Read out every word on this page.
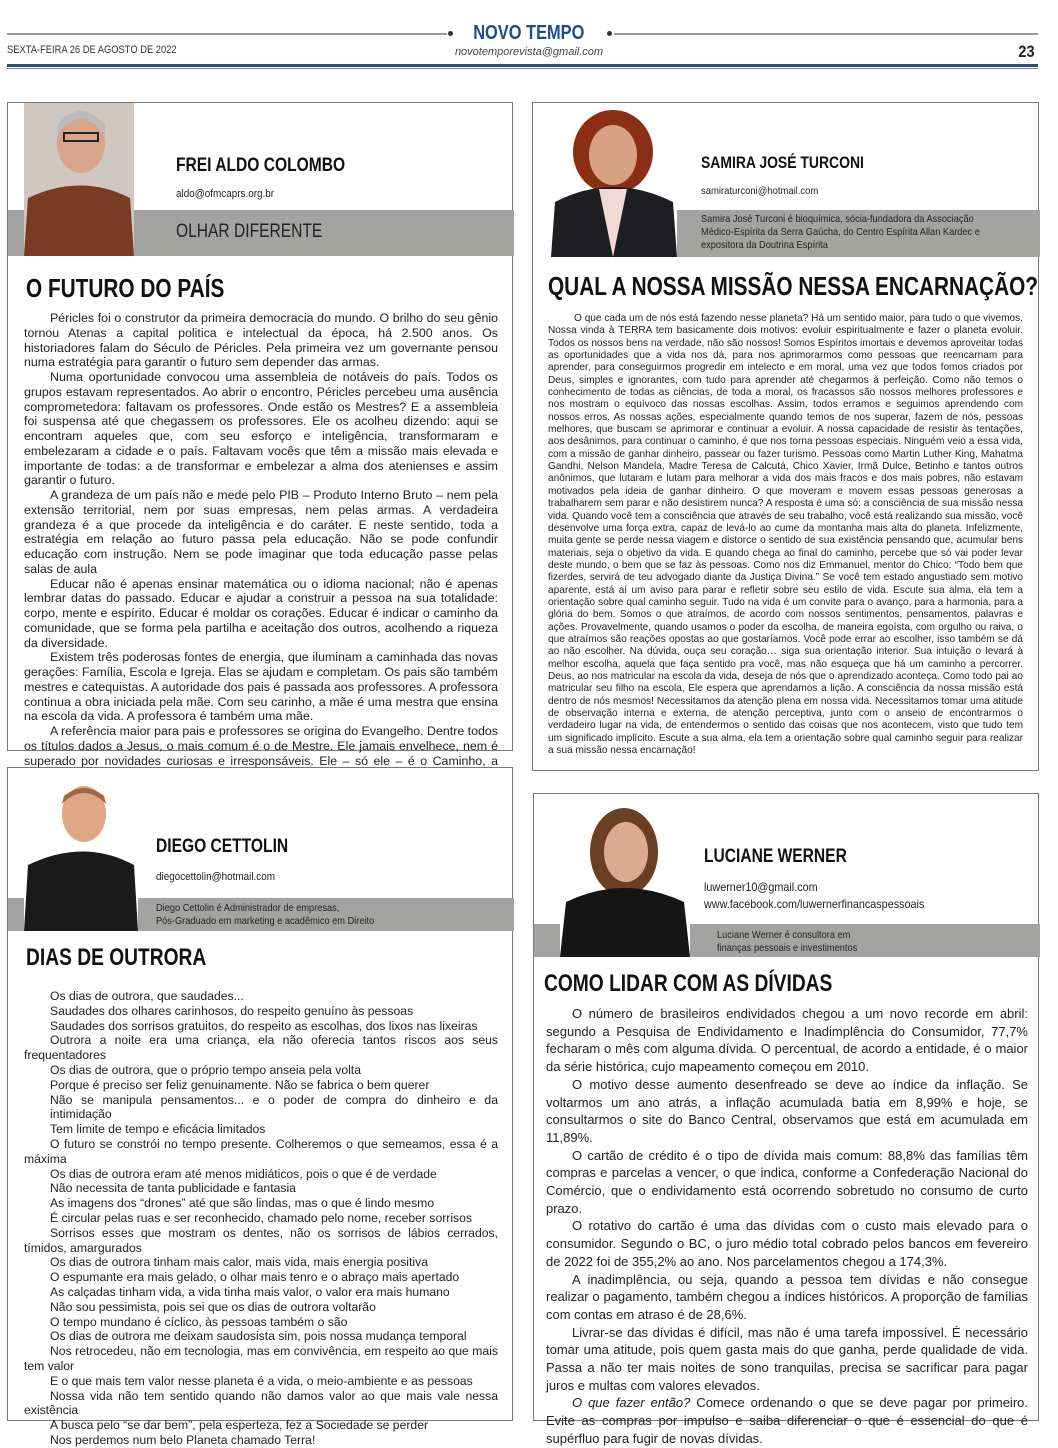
NOVO TEMPO
SEXTA-FEIRA 26 DE AGOSTO DE 2022	novotemporevista@gmail.com	23
FREI ALDO COLOMBO
aldo@ofmcaprs.org.br
OLHAR DIFERENTE
O FUTURO DO PAÍS

Péricles foi o construtor da primeira democracia do mundo. O brilho do seu gênio tornou Atenas a capital politica e intelectual da época, há 2.500 anos. Os historiadores falam do Século de Péricles. Pela primeira vez um governante pensou numa estratégia para garantir o futuro sem depender das armas.

Numa oportunidade convocou uma assembleia de notáveis do país. Todos os grupos estavam representados. Ao abrir o encontro, Péricles percebeu uma ausência comprometedora: faltavam os professores. Onde estão os Mestres? E a assembleia foi suspensa até que chegassem os professores. Ele os acolheu dizendo: aqui se encontram aqueles que, com seu esforço e inteligência, transformaram e embelezaram a cidade e o país. Faltavam vocês que têm a missão mais elevada e importante de todas: a de transformar e embelezar a alma dos atenienses e assim garantir o futuro.

A grandeza de um país não e mede pelo PIB – Produto Interno Bruto – nem pela extensão territorial, nem por suas empresas, nem pelas armas. A verdadeira grandeza é a que procede da inteligência e do caráter. E neste sentido, toda a estratégia em relação ao futuro passa pela educação. Não se pode confundir educação com instrução. Nem se pode imaginar que toda educação passe pelas salas de aula

Educar não é apenas ensinar matemática ou o idioma nacional; não é apenas lembrar datas do passado. Educar e ajudar a construir a pessoa na sua totalidade: corpo, mente e espírito. Educar é moldar os corações. Educar é indicar o caminho da comunidade, que se forma pela partilha e aceitação dos outros, acolhendo a riqueza da diversidade.

Existem três poderosas fontes de energia, que iluminam a caminhada das novas gerações: Família, Escola e Igreja. Elas se ajudam e completam. Os pais são também mestres e catequistas. A autoridade dos pais é passada aos professores. A professora continua a obra iniciada pela mãe. Com seu carinho, a mãe é uma mestra que ensina na escola da vida. A professora é também uma mãe.

A referência maior para pais e professores se origina do Evangelho. Dentre todos os títulos dados a Jesus, o mais comum é o de Mestre. Ele jamais envelhece, nem é superado por novidades curiosas e irresponsáveis. Ele – só ele – é o Caminho, a

SAMIRA JOSÉ TURCONI
samiraturconi@hotmail.com
Samira José Turconi é bioquímica, sócia-fundadora da Associação
Médico-Espírita da Serra Gaúcha, do Centro Espírita Allan Kardec e
expositora da Doutrina Espírita
QUAL A NOSSA MISSÃO NESSA ENCARNAÇÃO?

O que cada um de nós está fazendo nesse planeta? Há um sentido maior, para tudo o que vivemos. Nossa vinda à TERRA tem basicamente dois motivos: evoluir espiritualmente e fazer o planeta evoluir. Todos os nossos bens na verdade, não são nossos! Somos Espíritos imortais e devemos aproveitar todas as oportunidades que a vida nos dá, para nos aprimorarmos como pessoas que reencarnam para aprender, para conseguirmos progredir em intelecto e em moral, uma vez que todos fomos criados por Deus, simples e ignorantes, com tudo para aprender até chegarmos à perfeição. Como não temos o conhecimento de todas as ciências, de toda a moral, os fracassos são nossos melhores professores e nos mostram o equívoco das nossas escolhas. Assim, todos erramos e seguimos aprendendo com nossos erros. As nossas ações, especialmente quando temos de nos superar, fazem de nós, pessoas melhores, que buscam se aprimorar e continuar a evoluir. A nossa capacidade de resistir às tentações, aos desânimos, para continuar o caminho, é que nos torna pessoas especiais. Ninguém veio a essa vida, com a missão de ganhar dinheiro, passear ou fazer turismo. Pessoas como Martin Luther King, Mahatma Gandhi, Nelson Mandela, Madre Teresa de Calcutá, Chico Xavier, Irmã Dulce, Betinho e tantos outros anônimos, que lutaram e lutam para melhorar a vida dos mais fracos e dos mais pobres, não estavam motivados pela ideia de ganhar dinheiro. O que moveram e movem essas pessoas generosas a trabalharem sem parar e não desistirem nunca? A resposta é uma só: a consciência de sua missão nessa vida. Quando você tem a consciência que através de seu trabalho, você está realizando sua missão, você desenvolve uma força extra, capaz de levá-lo ao cume da montanha mais alta do planeta. Infelizmente, muita gente se perde nessa viagem e distorce o sentido de sua existência pensando que, acumular bens materiais, seja o objetivo da vida. E quando chega ao final do caminho, percebe que só vai poder levar deste mundo, o bem que se faz às pessoas. Como nos diz Emmanuel, mentor do Chico: “Todo bem que fizerdes, servirá de teu advogado diante da Justiça Divina.” Se você tem estado angustiado sem motivo aparente, está aí um aviso para parar e refletir sobre seu estilo de vida. Escute sua alma, ela tem a orientação sobre qual caminho seguir. Tudo na vida é um convite para o avanço, para a harmonia, para a glória do bem. Somos o que atraímos, de acordo com nossos sentimentos, pensamentos, palavras e ações. Provavelmente, quando usamos o poder da escolha, de maneira egoísta, com orgulho ou raiva, o que atraímos são reações opostas ao que gostaríamos. Você pode errar ao escolher, isso também se dá ao não escolher. Na dúvida, ouça seu coração… siga sua orientação interior. Sua intuição o levará à melhor escolha, aquela que faça sentido pra você, mas não esqueça que há um caminho a percorrer. Deus, ao nos matricular na escola da vida, deseja de nós que o aprendizado aconteça. Como todo pai ao matricular seu filho na escola, Ele espera que aprendamos a lição. A consciência da nossa missão está dentro de nós mesmos! Necessitamos da atenção plena em nossa vida. Necessitamos tomar uma atitude de observação interna e externa, de atenção perceptiva, junto com o anseio de encontrarmos o verdadeiro lugar na vida, de entendermos o sentido das coisas que nos acontecem, visto que tudo tem um significado implícito. Escute a sua alma, ela tem a orientação sobre qual caminho seguir para realizar a sua missão nessa encarnação!

DIEGO CETTOLIN
diegocettolin@hotmail.com
Diego Cettolin é Administrador de empresas,
Pós-Graduado em marketing e acadêmico em Direito
DIAS DE OUTRORA
Os dias de outrora, que saudades...
Saudades dos olhares carinhosos, do respeito genuíno às pessoas
Saudades dos sorrisos gratuitos, do respeito as escolhas, dos lixos nas lixeiras
Outrora a noite era uma criança, ela não oferecia tantos riscos aos seus frequentadores
Os dias de outrora, que o próprio tempo anseia pela volta
Porque é preciso ser feliz genuinamente. Não se fabrica o bem querer
Não se manipula pensamentos... e o poder de compra do dinheiro e da intimidação
Tem limite de tempo e eficácia limitados
O futuro se constrói no tempo presente. Colheremos o que semeamos, essa é a máxima
Os dias de outrora eram até menos midiáticos, pois o que é de verdade
Não necessita de tanta publicidade e fantasia
As imagens dos “drones” até que são lindas, mas o que é lindo mesmo
É circular pelas ruas e ser reconhecido, chamado pelo nome, receber sorrisos
Sorrisos esses que mostram os dentes, não os sorrisos de lábios cerrados, tímidos, amargurados
Os dias de outrora tinham mais calor, mais vida, mais energia positiva
O espumante era mais gelado, o olhar mais tenro e o abraço mais apertado
As calçadas tinham vida, a vida tinha mais valor, o valor era mais humano
Não sou pessimista, pois sei que os dias de outrora voltarão
O tempo mundano é cíclico, às pessoas também o são
Os dias de outrora me deixam saudosista sim, pois nossa mudança temporal
Nos retrocedeu, não em tecnologia, mas em convivência, em respeito ao que mais tem valor
E o que mais tem valor nesse planeta é a vida, o meio-ambiente e as pessoas
Nossa vida não tem sentido quando não damos valor ao que mais vale nessa existência
A busca pelo “se dar bem”, pela esperteza, fez a Sociedade se perder
Nos perdemos num belo Planeta chamado Terra!
LUCIANE WERNER
luwerner10@gmail.com
www.facebook.com/luwernerfinancaspessoais
Luciane Werner é consultora em
finanças pessoais e investimentos
COMO LIDAR COM AS DÍVIDAS

O número de brasileiros endividados chegou a um novo recorde em abril: segundo a Pesquisa de Endividamento e Inadimplência do Consumidor, 77,7% fecharam o mês com alguma dívida. O percentual, de acordo a entidade, é o maior da série histórica, cujo mapeamento começou em 2010.

O motivo desse aumento desenfreado se deve ao índice da inflação. Se voltarmos um ano atrás, a inflação acumulada batia em 8,99% e hoje, se consultarmos o site do Banco Central, observamos que está em acumulada em 11,89%.

O cartão de crédito é o tipo de dívida mais comum: 88,8% das famílias têm compras e parcelas a vencer, o que indica, conforme a Confederação Nacional do Comércio, que o endividamento está ocorrendo sobretudo no consumo de curto prazo.

O rotativo do cartão é uma das dívidas com o custo mais elevado para o consumidor. Segundo o BC, o juro médio total cobrado pelos bancos em fevereiro de 2022 foi de 355,2% ao ano. Nos parcelamentos chegou a 174,3%.

A inadimplência, ou seja, quando a pessoa tem dívidas e não consegue realizar o pagamento, também chegou a índices históricos. A proporção de famílias com contas em atraso é de 28,6%.

Livrar-se das dívidas é difícil, mas não é uma tarefa impossível. É necessário tomar uma atitude, pois quem gasta mais do que ganha, perde qualidade de vida. Passa a não ter mais noites de sono tranquilas, precisa se sacrificar para pagar juros e multas com valores elevados.

O que fazer então? Comece ordenando o que se deve pagar por primeiro. Evite as compras por impulso e saiba diferenciar o que é essencial do que é supérfluo para fugir de novas dívidas.
